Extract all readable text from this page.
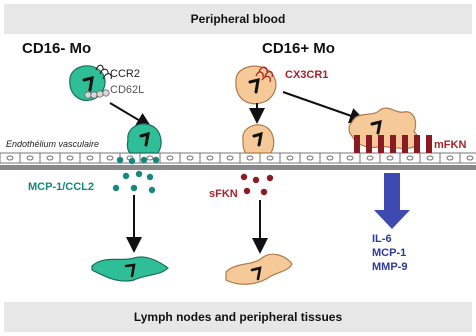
Peripheral blood
Lymph nodes and peripheral tissues
CD16- Mo	CD16+ Mo
CCR2
CD62L
CX3CR1
Endothélium vasculaire
MCP-1/CCL2
sFKN
mFKN
IL-6
MCP-1
MMP-9
